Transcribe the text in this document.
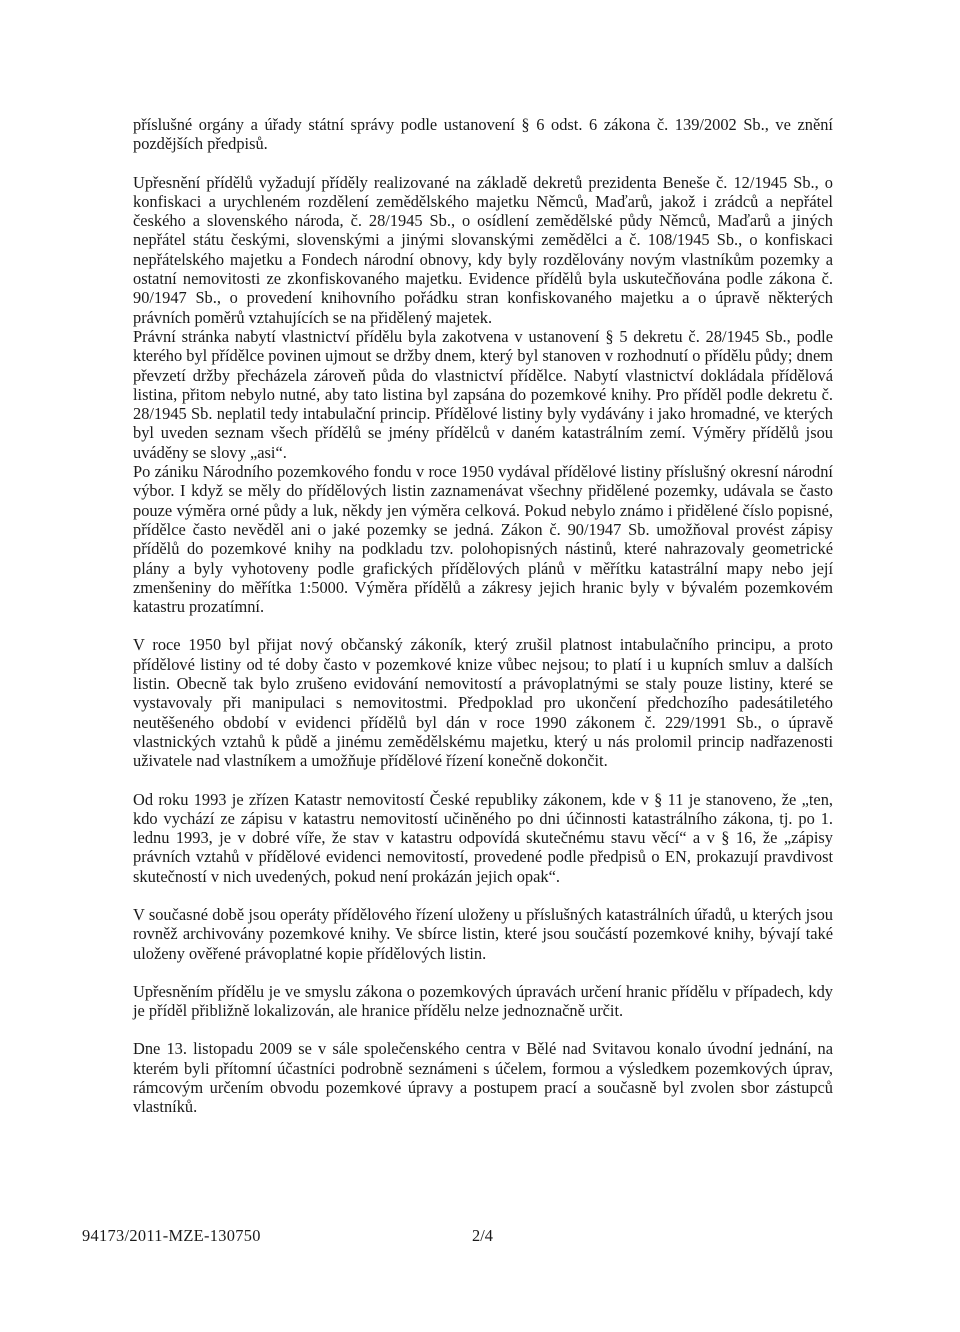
příslušné orgány a úřady státní správy podle ustanovení § 6 odst. 6 zákona č. 139/2002 Sb., ve znění pozdějších předpisů.

Upřesnění přídělů vyžadují příděly realizované na základě dekretů prezidenta Beneše č. 12/1945 Sb., o konfiskaci a urychleném rozdělení zemědělského majetku Němců, Maďarů, jakož i zrádců a nepřátel českého a slovenského národa, č. 28/1945 Sb., o osídlení zemědělské půdy Němců, Maďarů a jiných nepřátel státu českými, slovenskými a jinými slovanskými zemědělci a č. 108/1945 Sb., o konfiskaci nepřátelského majetku a Fondech národní obnovy, kdy byly rozdělovány novým vlastníkům pozemky a ostatní nemovitosti ze zkonfiskovaného majetku. Evidence přídělů byla uskutečňována podle zákona č. 90/1947 Sb., o provedení knihovního pořádku stran konfiskovaného majetku a o úpravě některých právních poměrů vztahujících se na přidělený majetek.

Právní stránka nabytí vlastnictví přídělu byla zakotvena v ustanovení § 5 dekretu č. 28/1945 Sb., podle kterého byl přídělce povinen ujmout se držby dnem, který byl stanoven v rozhodnutí o přídělu půdy; dnem převzetí držby přecházela zároveň půda do vlastnictví přídělce. Nabytí vlastnictví dokládala přídělová listina, přitom nebylo nutné, aby tato listina byl zapsána do pozemkové knihy. Pro příděl podle dekretu č. 28/1945 Sb. neplatil tedy intabulační princip. Přídělové listiny byly vydávány i jako hromadné, ve kterých byl uveden seznam všech přídělů se jmény přídělců v daném katastrálním zemí. Výměry přídělů jsou uváděny se slovy „asi“.

Po zániku Národního pozemkového fondu v roce 1950 vydával přídělové listiny příslušný okresní národní výbor. I když se měly do přídělových listin zaznamenávat všechny přidělené pozemky, udávala se často pouze výměra orné půdy a luk, někdy jen výměra celková. Pokud nebylo známo i přidělené číslo popisné, přídělce často nevěděl ani o jaké pozemky se jedná. Zákon č. 90/1947 Sb. umožňoval provést zápisy přídělů do pozemkové knihy na podkladu tzv. polohopisných nástinů, které nahrazovaly geometrické plány a byly vyhotoveny podle grafických přídělových plánů v měřítku katastrální mapy nebo její zmenšeniny do měřítka 1:5000. Výměra přídělů a zákresy jejich hranic byly v bývalém pozemkovém katastru prozatímní.

V roce 1950 byl přijat nový občanský zákoník, který zrušil platnost intabulačního principu, a proto přídělové listiny od té doby často v pozemkové knize vůbec nejsou; to platí i u kupních smluv a dalších listin. Obecně tak bylo zrušeno evidování nemovitostí a právoplatnými se staly pouze listiny, které se vystavovaly při manipulaci s nemovitostmi. Předpoklad pro ukončení předchozího padesátiletého neutěšeného období v evidenci přídělů byl dán v roce 1990 zákonem č. 229/1991 Sb., o úpravě vlastnických vztahů k půdě a jinému zemědělskému majetku, který u nás prolomil princip nadřazenosti uživatele nad vlastníkem a umožňuje přídělové řízení konečně dokončit.

Od roku 1993 je zřízen Katastr nemovitostí České republiky zákonem, kde v § 11 je stanoveno, že „ten, kdo vychází ze zápisu v katastru nemovitostí učiněného po dni účinnosti katastrálního zákona, tj. po 1. lednu 1993, je v dobré víře, že stav v katastru odpovídá skutečnému stavu věcí“ a v § 16, že „zápisy právních vztahů v přídělové evidenci nemovitostí, provedené podle předpisů o EN, prokazují pravdivost skutečností v nich uvedených, pokud není prokázán jejich opak“.

V současné době jsou operáty přídělového řízení uloženy u příslušných katastrálních úřadů, u kterých jsou rovněž archivovány pozemkové knihy. Ve sbírce listin, které jsou součástí pozemkové knihy, bývají také uloženy ověřené právoplatné kopie přídělových listin.

Upřesněním přídělu je ve smyslu zákona o pozemkových úpravách určení hranic přídělu v případech, kdy je příděl přibližně lokalizován, ale hranice přídělu nelze jednoznačně určit.

Dne 13. listopadu 2009 se v sále společenského centra v Bělé nad Svitavou konalo úvodní jednání, na kterém byli přítomní účastníci podrobně seznámeni s účelem, formou a výsledkem pozemkových úprav, rámcovým určením obvodu pozemkové úpravy a postupem prací a současně byl zvolen sbor zástupců vlastníků.

94173/2011-MZE-130750	2/4
